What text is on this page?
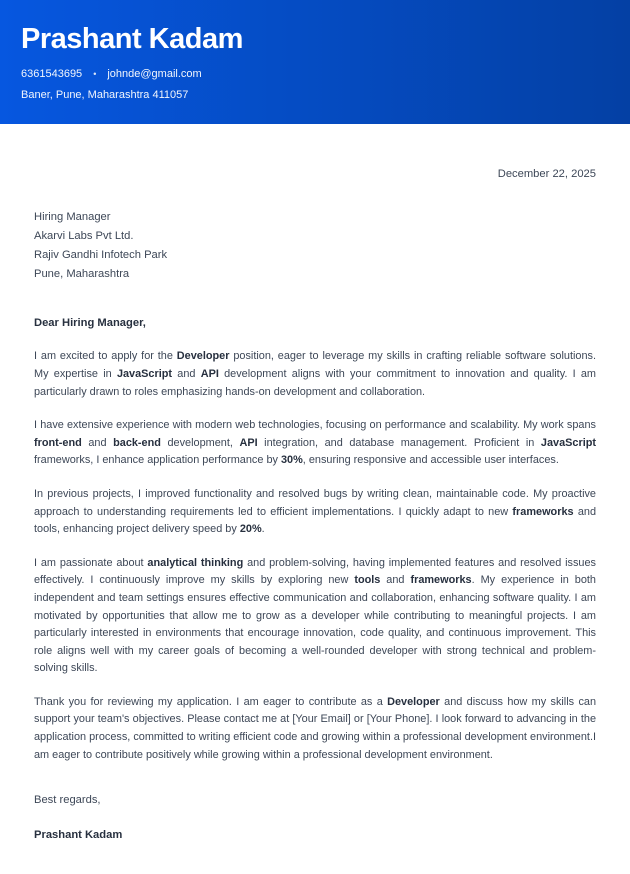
Prashant Kadam
6361543695 • johnde@gmail.com
Baner, Pune, Maharashtra 411057
December 22, 2025
Hiring Manager
Akarvi Labs Pvt Ltd.
Rajiv Gandhi Infotech Park
Pune, Maharashtra
Dear Hiring Manager,

I am excited to apply for the Developer position, eager to leverage my skills in crafting reliable software solutions. My expertise in JavaScript and API development aligns with your commitment to innovation and quality. I am particularly drawn to roles emphasizing hands-on development and collaboration.

I have extensive experience with modern web technologies, focusing on performance and scalability. My work spans front-end and back-end development, API integration, and database management. Proficient in JavaScript frameworks, I enhance application performance by 30%, ensuring responsive and accessible user interfaces.

In previous projects, I improved functionality and resolved bugs by writing clean, maintainable code. My proactive approach to understanding requirements led to efficient implementations. I quickly adapt to new frameworks and tools, enhancing project delivery speed by 20%.

I am passionate about analytical thinking and problem-solving, having implemented features and resolved issues effectively. I continuously improve my skills by exploring new tools and frameworks. My experience in both independent and team settings ensures effective communication and collaboration, enhancing software quality. I am motivated by opportunities that allow me to grow as a developer while contributing to meaningful projects. I am particularly interested in environments that encourage innovation, code quality, and continuous improvement. This role aligns well with my career goals of becoming a well-rounded developer with strong technical and problem-solving skills.

Thank you for reviewing my application. I am eager to contribute as a Developer and discuss how my skills can support your team's objectives. Please contact me at [Your Email] or [Your Phone]. I look forward to advancing in the application process, committed to writing efficient code and growing within a professional development environment.I am eager to contribute positively while growing within a professional development environment.

Best regards,
Prashant Kadam
